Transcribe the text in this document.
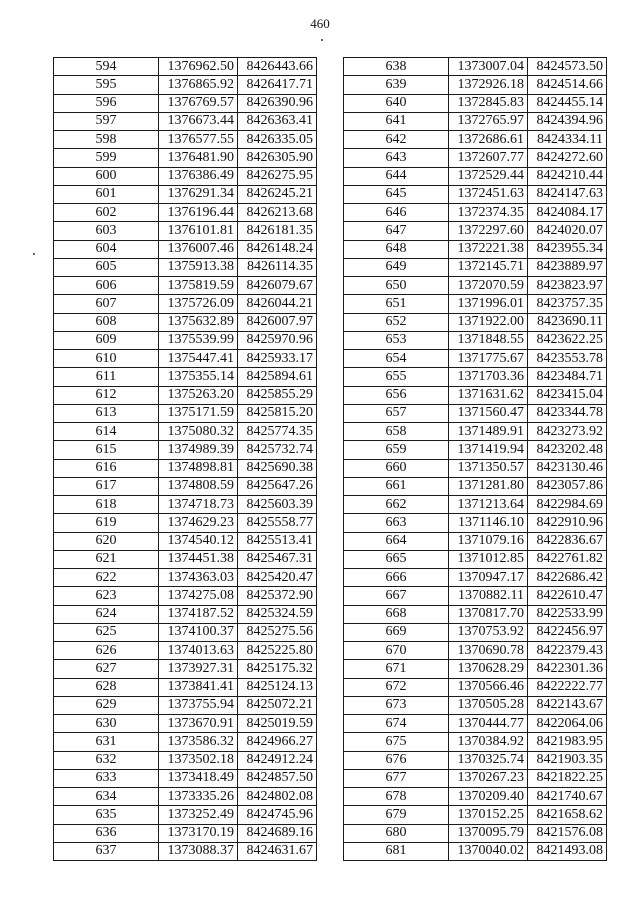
460
594	1376962.50	8426443.66
595	1376865.92	8426417.71
596	1376769.57	8426390.96
597	1376673.44	8426363.41
598	1376577.55	8426335.05
599	1376481.90	8426305.90
600	1376386.49	8426275.95
601	1376291.34	8426245.21
602	1376196.44	8426213.68
603	1376101.81	8426181.35
604	1376007.46	8426148.24
605	1375913.38	8426114.35
606	1375819.59	8426079.67
607	1375726.09	8426044.21
608	1375632.89	8426007.97
609	1375539.99	8425970.96
610	1375447.41	8425933.17
611	1375355.14	8425894.61
612	1375263.20	8425855.29
613	1375171.59	8425815.20
614	1375080.32	8425774.35
615	1374989.39	8425732.74
616	1374898.81	8425690.38
617	1374808.59	8425647.26
618	1374718.73	8425603.39
619	1374629.23	8425558.77
620	1374540.12	8425513.41
621	1374451.38	8425467.31
622	1374363.03	8425420.47
623	1374275.08	8425372.90
624	1374187.52	8425324.59
625	1374100.37	8425275.56
626	1374013.63	8425225.80
627	1373927.31	8425175.32
628	1373841.41	8425124.13
629	1373755.94	8425072.21
630	1373670.91	8425019.59
631	1373586.32	8424966.27
632	1373502.18	8424912.24
633	1373418.49	8424857.50
634	1373335.26	8424802.08
635	1373252.49	8424745.96
636	1373170.19	8424689.16
637	1373088.37	8424631.67
638	1373007.04	8424573.50
639	1372926.18	8424514.66
640	1372845.83	8424455.14
641	1372765.97	8424394.96
642	1372686.61	8424334.11
643	1372607.77	8424272.60
644	1372529.44	8424210.44
645	1372451.63	8424147.63
646	1372374.35	8424084.17
647	1372297.60	8424020.07
648	1372221.38	8423955.34
649	1372145.71	8423889.97
650	1372070.59	8423823.97
651	1371996.01	8423757.35
652	1371922.00	8423690.11
653	1371848.55	8423622.25
654	1371775.67	8423553.78
655	1371703.36	8423484.71
656	1371631.62	8423415.04
657	1371560.47	8423344.78
658	1371489.91	8423273.92
659	1371419.94	8423202.48
660	1371350.57	8423130.46
661	1371281.80	8423057.86
662	1371213.64	8422984.69
663	1371146.10	8422910.96
664	1371079.16	8422836.67
665	1371012.85	8422761.82
666	1370947.17	8422686.42
667	1370882.11	8422610.47
668	1370817.70	8422533.99
669	1370753.92	8422456.97
670	1370690.78	8422379.43
671	1370628.29	8422301.36
672	1370566.46	8422222.77
673	1370505.28	8422143.67
674	1370444.77	8422064.06
675	1370384.92	8421983.95
676	1370325.74	8421903.35
677	1370267.23	8421822.25
678	1370209.40	8421740.67
679	1370152.25	8421658.62
680	1370095.79	8421576.08
681	1370040.02	8421493.08
